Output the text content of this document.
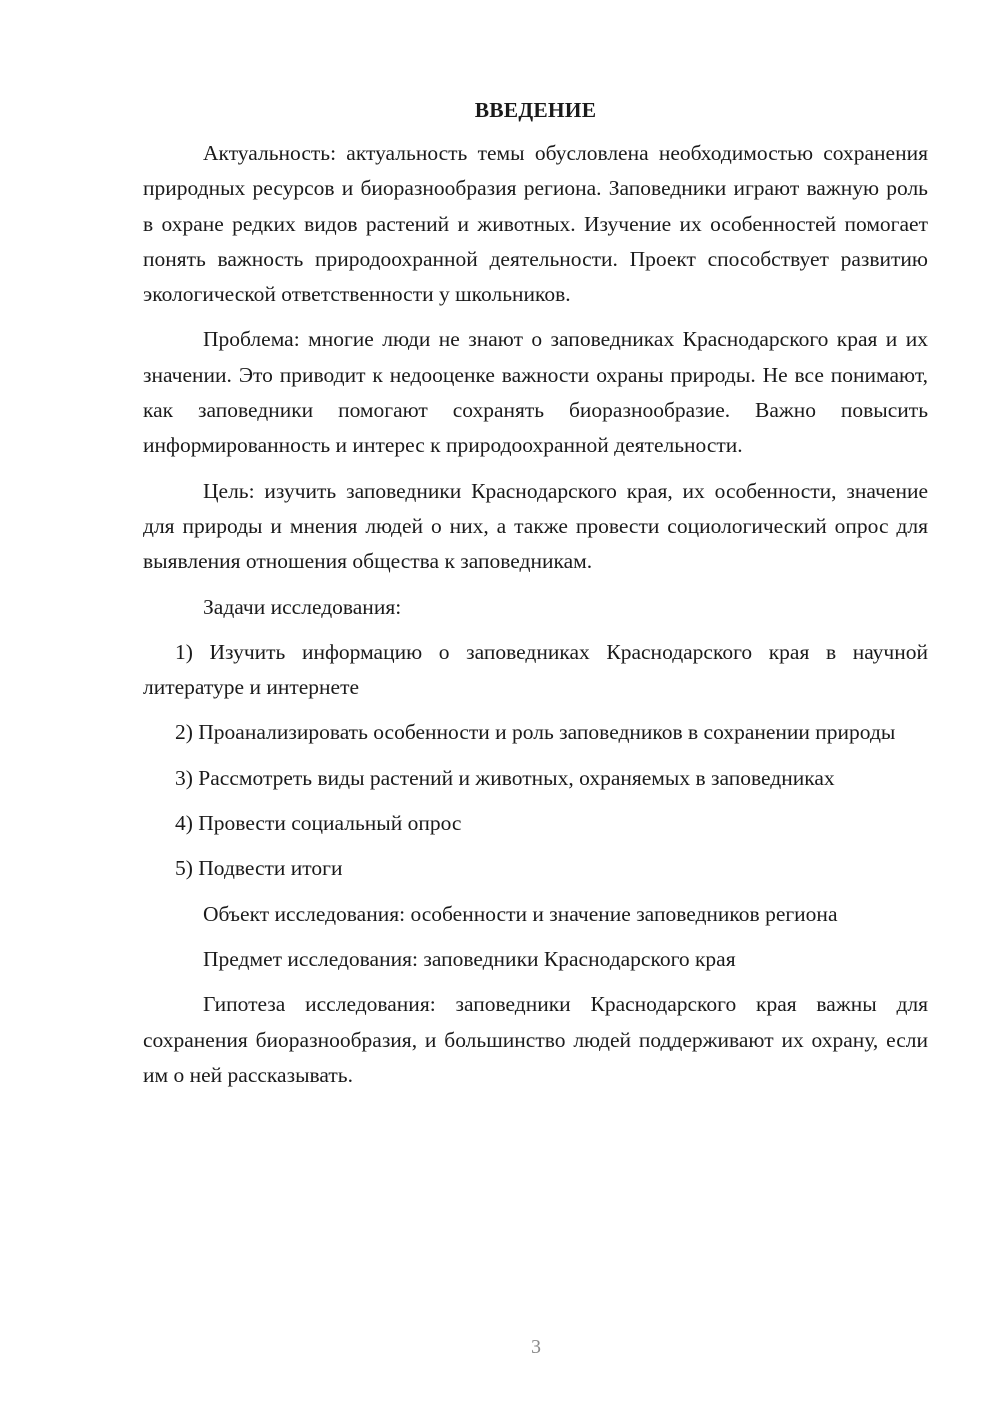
ВВЕДЕНИЕ

Актуальность: актуальность темы обусловлена необходимостью сохранения природных ресурсов и биоразнообразия региона. Заповедники играют важную роль в охране редких видов растений и животных. Изучение их особенностей помогает понять важность природоохранной деятельности. Проект способствует развитию экологической ответственности у школьников.

Проблема: многие люди не знают о заповедниках Краснодарского края и их значении. Это приводит к недооценке важности охраны природы. Не все понимают, как заповедники помогают сохранять биоразнообразие. Важно повысить информированность и интерес к природоохранной деятельности.

Цель: изучить заповедники Краснодарского края, их особенности, значение для природы и мнения людей о них, а также провести социологический опрос для выявления отношения общества к заповедникам.

Задачи исследования:

1) Изучить информацию о заповедниках Краснодарского края в научной литературе и интернете

2) Проанализировать особенности и роль заповедников в сохранении природы

3) Рассмотреть виды растений и животных, охраняемых в заповедниках

4) Провести социальный опрос

5) Подвести итоги

Объект исследования: особенности и значение заповедников региона

Предмет исследования: заповедники Краснодарского края

Гипотеза исследования: заповедники Краснодарского края важны для сохранения биоразнообразия, и большинство людей поддерживают их охрану, если им о ней рассказывать.

3
